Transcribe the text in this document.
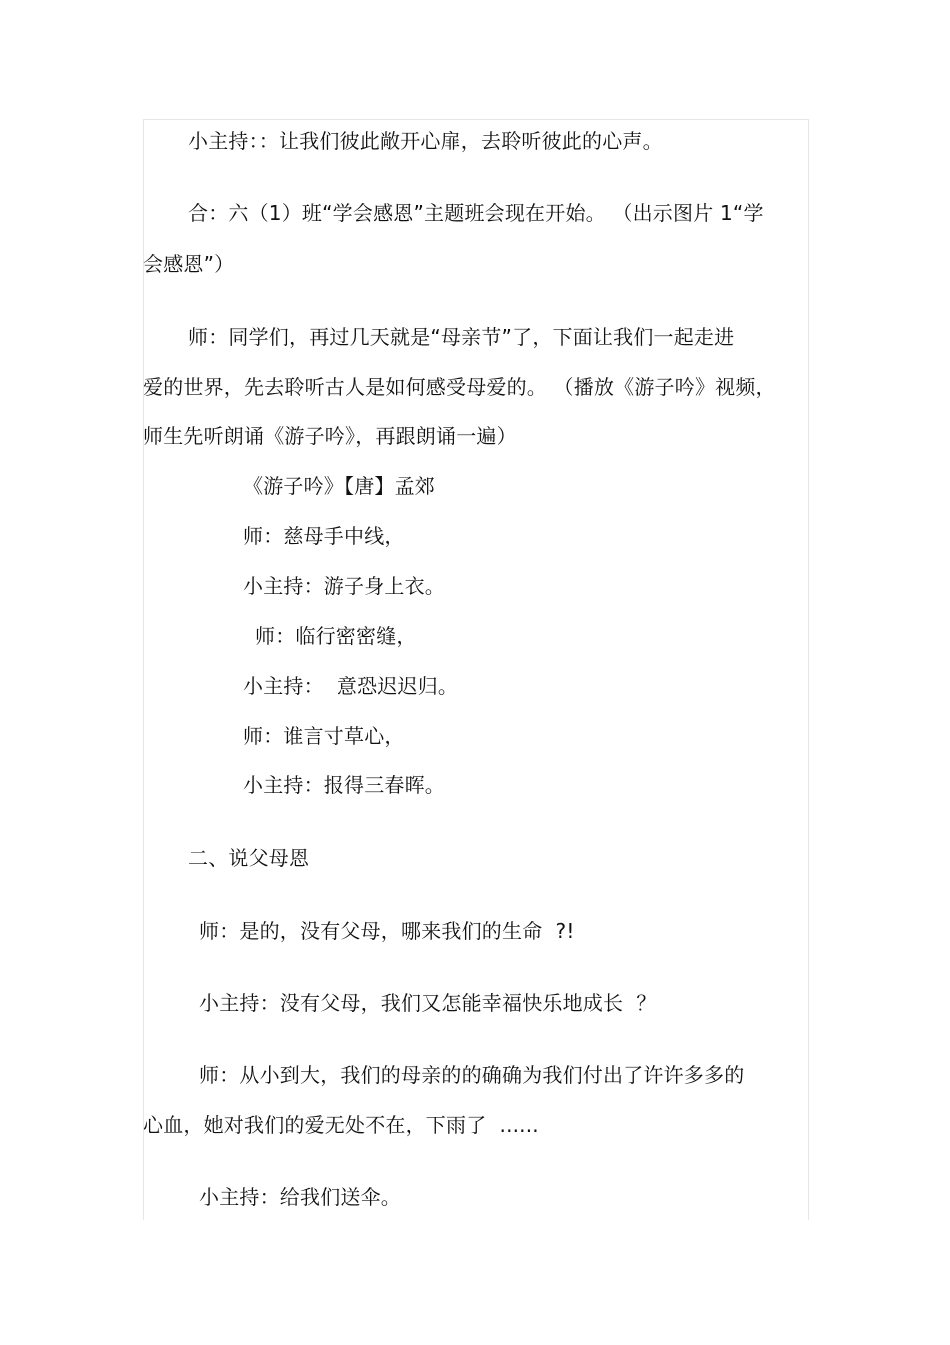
小主持：：让我们彼此敞开心扉，去聆听彼此的心声。
合：六（1）班“学会感恩”主题班会现在开始。 （出示图片 1“学
会感恩”）
师：同学们，再过几天就是“母亲节”了，下面让我们一起走进
爱的世界，先去聆听古人是如何感受母爱的。 （播放《游子吟》视频，
师生先听朗诵《游子吟》，再跟朗诵一遍）
《游子吟》【唐】孟郊
师：慈母手中线，
小主持：游子身上衣。
师：临行密密缝，
小主持：  意恐迟迟归。
师：谁言寸草心，
小主持：报得三春晖。
二、说父母恩
师：是的，没有父母，哪来我们的生命  ?!
小主持：没有父母，我们又怎能幸福快乐地成长  ？
师：从小到大，我们的母亲的的确确为我们付出了许许多多的
心血，她对我们的爱无处不在，下雨了  ......
小主持：给我们送伞。
